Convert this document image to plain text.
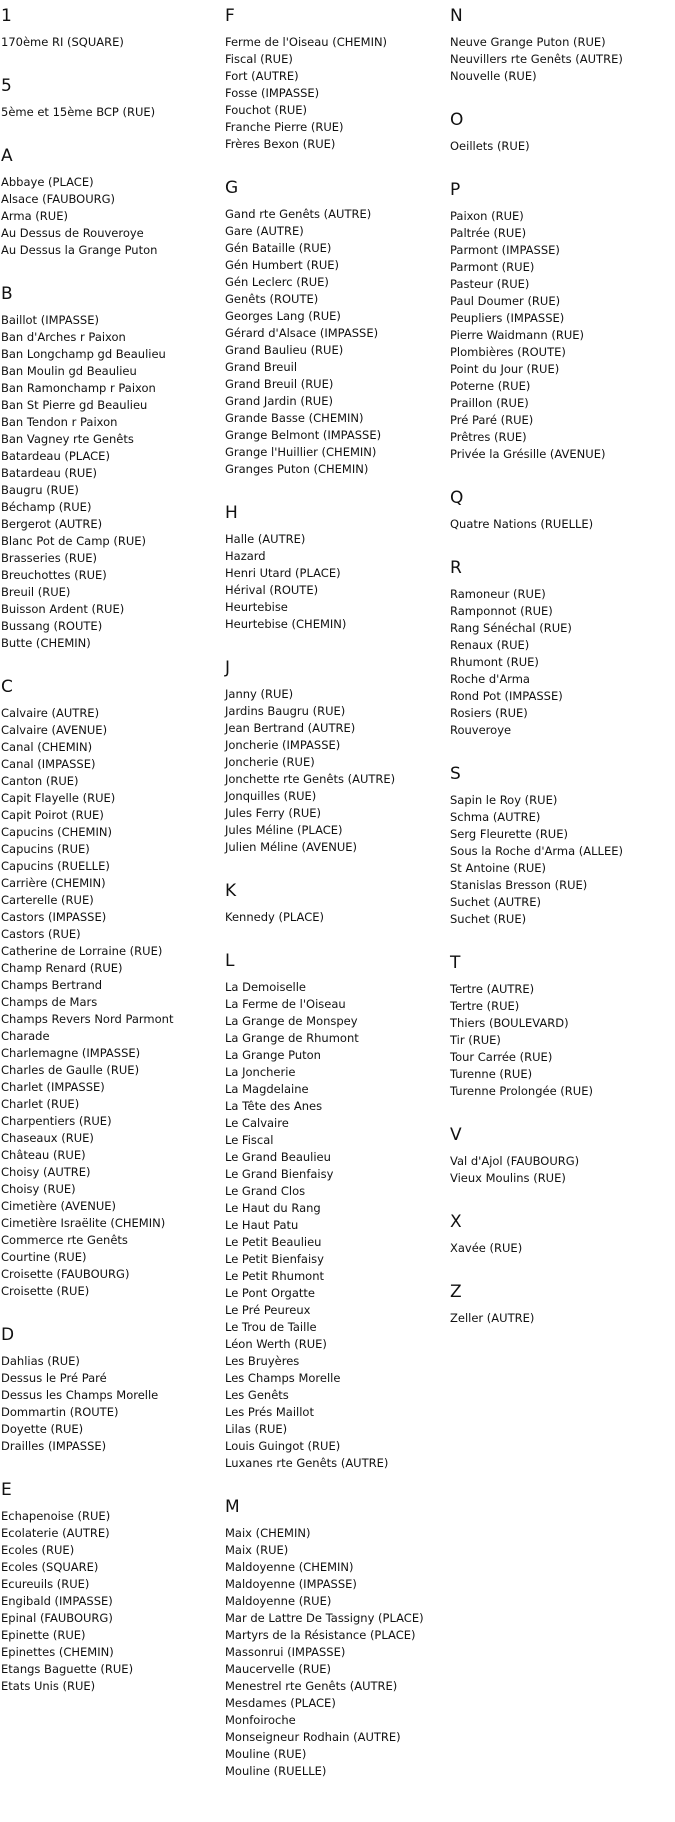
1
170ème RI (SQUARE)
5
5ème et 15ème BCP (RUE)
A
Abbaye (PLACE)
Alsace (FAUBOURG)
Arma (RUE)
Au Dessus de Rouveroye
Au Dessus la Grange Puton
B
Baillot (IMPASSE)
Ban d'Arches r Paixon
Ban Longchamp gd Beaulieu
Ban Moulin gd Beaulieu
Ban Ramonchamp r Paixon
Ban St Pierre gd Beaulieu
Ban Tendon r Paixon
Ban Vagney rte Genêts
Batardeau (PLACE)
Batardeau (RUE)
Baugru (RUE)
Béchamp (RUE)
Bergerot (AUTRE)
Blanc Pot de Camp (RUE)
Brasseries (RUE)
Breuchottes (RUE)
Breuil (RUE)
Buisson Ardent (RUE)
Bussang (ROUTE)
Butte (CHEMIN)
C
Calvaire (AUTRE)
Calvaire (AVENUE)
Canal (CHEMIN)
Canal (IMPASSE)
Canton (RUE)
Capit Flayelle (RUE)
Capit Poirot (RUE)
Capucins (CHEMIN)
Capucins (RUE)
Capucins (RUELLE)
Carrière (CHEMIN)
Carterelle (RUE)
Castors (IMPASSE)
Castors (RUE)
Catherine de Lorraine (RUE)
Champ Renard (RUE)
Champs Bertrand
Champs de Mars
Champs Revers Nord Parmont
Charade
Charlemagne (IMPASSE)
Charles de Gaulle (RUE)
Charlet (IMPASSE)
Charlet (RUE)
Charpentiers (RUE)
Chaseaux (RUE)
Château (RUE)
Choisy (AUTRE)
Choisy (RUE)
Cimetière (AVENUE)
Cimetière Israëlite (CHEMIN)
Commerce rte Genêts
Courtine (RUE)
Croisette (FAUBOURG)
Croisette (RUE)
D
Dahlias (RUE)
Dessus le Pré Paré
Dessus les Champs Morelle
Dommartin (ROUTE)
Doyette (RUE)
Drailles (IMPASSE)
E
Echapenoise (RUE)
Ecolaterie (AUTRE)
Ecoles (RUE)
Ecoles (SQUARE)
Ecureuils (RUE)
Engibald (IMPASSE)
Epinal (FAUBOURG)
Epinette (RUE)
Epinettes (CHEMIN)
Etangs Baguette (RUE)
Etats Unis (RUE)
F
Ferme de l'Oiseau (CHEMIN)
Fiscal (RUE)
Fort (AUTRE)
Fosse (IMPASSE)
Fouchot (RUE)
Franche Pierre (RUE)
Frères Bexon (RUE)
G
Gand rte Genêts (AUTRE)
Gare (AUTRE)
Gén Bataille (RUE)
Gén Humbert (RUE)
Gén Leclerc (RUE)
Genêts (ROUTE)
Georges Lang (RUE)
Gérard d'Alsace (IMPASSE)
Grand Baulieu (RUE)
Grand Breuil
Grand Breuil (RUE)
Grand Jardin (RUE)
Grande Basse (CHEMIN)
Grange Belmont (IMPASSE)
Grange l'Huillier (CHEMIN)
Granges Puton (CHEMIN)
H
Halle (AUTRE)
Hazard
Henri Utard (PLACE)
Hérival (ROUTE)
Heurtebise
Heurtebise (CHEMIN)
J
Janny (RUE)
Jardins Baugru (RUE)
Jean Bertrand (AUTRE)
Joncherie (IMPASSE)
Joncherie (RUE)
Jonchette rte Genêts (AUTRE)
Jonquilles (RUE)
Jules Ferry (RUE)
Jules Méline (PLACE)
Julien Méline (AVENUE)
K
Kennedy (PLACE)
L
La Demoiselle
La Ferme de l'Oiseau
La Grange de Monspey
La Grange de Rhumont
La Grange Puton
La Joncherie
La Magdelaine
La Tête des Anes
Le Calvaire
Le Fiscal
Le Grand Beaulieu
Le Grand Bienfaisy
Le Grand Clos
Le Haut du Rang
Le Haut Patu
Le Petit Beaulieu
Le Petit Bienfaisy
Le Petit Rhumont
Le Pont Orgatte
Le Pré Peureux
Le Trou de Taille
Léon Werth (RUE)
Les Bruyères
Les Champs Morelle
Les Genêts
Les Prés Maillot
Lilas (RUE)
Louis Guingot (RUE)
Luxanes rte Genêts (AUTRE)
M
Maix (CHEMIN)
Maix (RUE)
Maldoyenne (CHEMIN)
Maldoyenne (IMPASSE)
Maldoyenne (RUE)
Mar de Lattre De Tassigny (PLACE)
Martyrs de la Résistance (PLACE)
Massonrui (IMPASSE)
Maucervelle (RUE)
Menestrel rte Genêts (AUTRE)
Mesdames (PLACE)
Monfoiroche
Monseigneur Rodhain (AUTRE)
Mouline (RUE)
Mouline (RUELLE)
N
Neuve Grange Puton (RUE)
Neuvillers rte Genêts (AUTRE)
Nouvelle (RUE)
O
Oeillets (RUE)
P
Paixon (RUE)
Paltrée (RUE)
Parmont (IMPASSE)
Parmont (RUE)
Pasteur (RUE)
Paul Doumer (RUE)
Peupliers (IMPASSE)
Pierre Waidmann (RUE)
Plombières (ROUTE)
Point du Jour (RUE)
Poterne (RUE)
Praillon (RUE)
Pré Paré (RUE)
Prêtres (RUE)
Privée la Grésille (AVENUE)
Q
Quatre Nations (RUELLE)
R
Ramoneur (RUE)
Ramponnot (RUE)
Rang Sénéchal (RUE)
Renaux (RUE)
Rhumont (RUE)
Roche d'Arma
Rond Pot (IMPASSE)
Rosiers (RUE)
Rouveroye
S
Sapin le Roy (RUE)
Schma (AUTRE)
Serg Fleurette (RUE)
Sous la Roche d'Arma (ALLEE)
St Antoine (RUE)
Stanislas Bresson (RUE)
Suchet (AUTRE)
Suchet (RUE)
T
Tertre (AUTRE)
Tertre (RUE)
Thiers (BOULEVARD)
Tir (RUE)
Tour Carrée (RUE)
Turenne (RUE)
Turenne Prolongée (RUE)
V
Val d'Ajol (FAUBOURG)
Vieux Moulins (RUE)
X
Xavée (RUE)
Z
Zeller (AUTRE)
